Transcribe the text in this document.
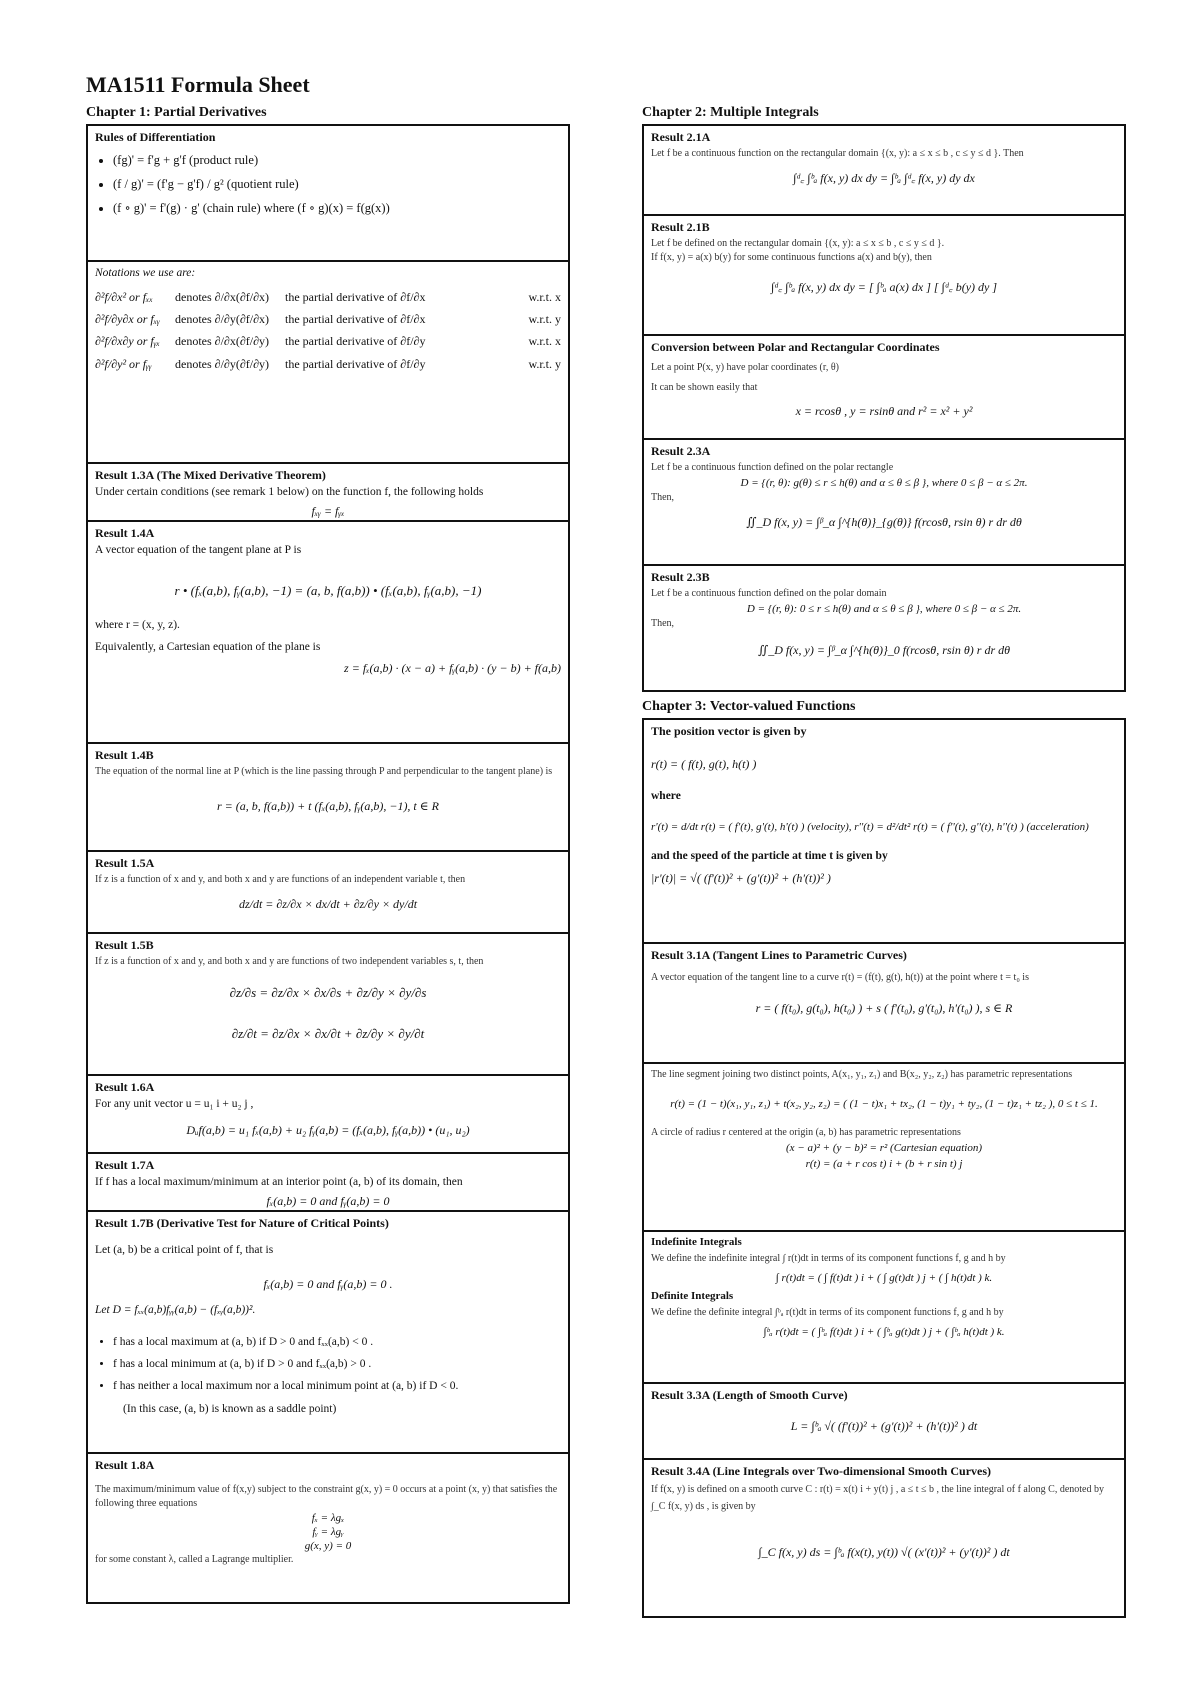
MA1511 Formula Sheet
Chapter 1: Partial Derivatives
Rules of Differentiation
• (fg)' = f'g + g'f (product rule)
• (f / g)' = (f'g − g'f) / g² (quotient rule)
• (f ∘ g)' = f'(g) · g' (chain rule) where (f ∘ g)(x) = f(g(x))
Notations we use are:
∂²f/∂x² or fₓₓ	denotes ∂/∂x(∂f/∂x)	the partial derivative of ∂f/∂x	w.r.t. x
∂²f/∂y∂x or fₓᵧ	denotes ∂/∂y(∂f/∂x)	the partial derivative of ∂f/∂x	w.r.t. y
∂²f/∂x∂y or fᵧₓ	denotes ∂/∂x(∂f/∂y)	the partial derivative of ∂f/∂y	w.r.t. x
∂²f/∂y² or fᵧᵧ	denotes ∂/∂y(∂f/∂y)	the partial derivative of ∂f/∂y	w.r.t. y
Result 1.3A (The Mixed Derivative Theorem)
Under certain conditions (see remark 1 below) on the function f, the following holds
fₓᵧ = fᵧₓ
Result 1.4A
A vector equation of the tangent plane at P is
r • (fₓ(a,b), fᵧ(a,b), −1) = (a, b, f(a,b)) • (fₓ(a,b), fᵧ(a,b), −1)
where r = (x, y, z).
Equivalently, a Cartesian equation of the plane is
z = fₓ(a,b) · (x − a) + fᵧ(a,b) · (y − b) + f(a,b)
Result 1.4B
The equation of the normal line at P (which is the line passing through P and perpendicular to the tangent plane) is
r = (a, b, f(a,b)) + t (fₓ(a,b), fᵧ(a,b), −1), t ∈ R
Result 1.5A
If z is a function of x and y, and both x and y are functions of an independent variable t, then
dz/dt = ∂z/∂x × dx/dt + ∂z/∂y × dy/dt
Result 1.5B
If z is a function of x and y, and both x and y are functions of two independent variables s, t, then
∂z/∂s = ∂z/∂x × ∂x/∂s + ∂z/∂y × ∂y/∂s
∂z/∂t = ∂z/∂x × ∂x/∂t + ∂z/∂y × ∂y/∂t
Result 1.6A
For any unit vector u = u₁ i + u₂ j ,
Dᵤf(a,b) = u₁ fₓ(a,b) + u₂ fᵧ(a,b) = (fₓ(a,b), fᵧ(a,b)) • (u₁, u₂)
Result 1.7A
If f has a local maximum/minimum at an interior point (a, b) of its domain, then
fₓ(a,b) = 0 and fᵧ(a,b) = 0
Result 1.7B (Derivative Test for Nature of Critical Points)
Let (a, b) be a critical point of f, that is
fₓ(a,b) = 0 and fᵧ(a,b) = 0 .
Let D = fₓₓ(a,b)fᵧᵧ(a,b) − (fₓᵧ(a,b))².
• f has a local maximum at (a, b) if D > 0 and fₓₓ(a,b) < 0 .
• f has a local minimum at (a, b) if D > 0 and fₓₓ(a,b) > 0 .
• f has neither a local maximum nor a local minimum point at (a, b) if D < 0.
(In this case, (a, b) is known as a saddle point)
Result 1.8A
The maximum/minimum value of f(x,y) subject to the constraint g(x, y) = 0 occurs at a point (x, y) that satisfies the following three equations
fₓ = λgₓ
fᵧ = λgᵧ
g(x, y) = 0
for some constant λ, called a Lagrange multiplier.
Chapter 2: Multiple Integrals
Result 2.1A
Let f be a continuous function on the rectangular domain {(x, y): a ≤ x ≤ b , c ≤ y ≤ d }. Then
∫ᵈ꜀ ∫ᵇₐ f(x, y) dx dy = ∫ᵇₐ ∫ᵈ꜀ f(x, y) dy dx
Result 2.1B
Let f be defined on the rectangular domain {(x, y): a ≤ x ≤ b , c ≤ y ≤ d }.
If f(x, y) = a(x) b(y) for some continuous functions a(x) and b(y), then
∫ᵈ꜀ ∫ᵇₐ f(x, y) dx dy = [ ∫ᵇₐ a(x) dx ] [ ∫ᵈ꜀ b(y) dy ]
Conversion between Polar and Rectangular Coordinates
Let a point P(x, y) have polar coordinates (r, θ)
It can be shown easily that
x = rcosθ , y = rsinθ and r² = x² + y²
Result 2.3A
Let f be a continuous function defined on the polar rectangle
D = {(r, θ): g(θ) ≤ r ≤ h(θ) and α ≤ θ ≤ β }, where 0 ≤ β − α ≤ 2π.
Then,
∬_D f(x, y) = ∫ᵝ_α ∫^{h(θ)}_{g(θ)} f(rcosθ, rsin θ) r dr dθ
Result 2.3B
Let f be a continuous function defined on the polar domain
D = {(r, θ): 0 ≤ r ≤ h(θ) and α ≤ θ ≤ β }, where 0 ≤ β − α ≤ 2π.
Then,
∬_D f(x, y) = ∫ᵝ_α ∫^{h(θ)}_0 f(rcosθ, rsin θ) r dr dθ
Chapter 3: Vector-valued Functions
The position vector is given by
r(t) = ( f(t), g(t), h(t) )
where
r'(t) = d/dt r(t) = ( f'(t), g'(t), h'(t) ) (velocity), r''(t) = d²/dt² r(t) = ( f''(t), g''(t), h''(t) ) (acceleration)
and the speed of the particle at time t is given by
|r'(t)| = √( (f'(t))² + (g'(t))² + (h'(t))² )
Result 3.1A (Tangent Lines to Parametric Curves)
A vector equation of the tangent line to a curve r(t) = (f(t), g(t), h(t)) at the point where t = t₀ is
r = ( f(t₀), g(t₀), h(t₀) ) + s ( f'(t₀), g'(t₀), h'(t₀) ), s ∈ R
The line segment joining two distinct points, A(x₁, y₁, z₁) and B(x₂, y₂, z₂) has parametric representations
r(t) = (1 − t)(x₁, y₁, z₁) + t(x₂, y₂, z₂) = ( (1 − t)x₁ + tx₂, (1 − t)y₁ + ty₂, (1 − t)z₁ + tz₂ ), 0 ≤ t ≤ 1.
A circle of radius r centered at the origin (a, b) has parametric representations
(x − a)² + (y − b)² = r² (Cartesian equation)
r(t) = (a + r cos t) i + (b + r sin t) j
Indefinite Integrals
We define the indefinite integral ∫ r(t)dt in terms of its component functions f, g and h by
∫ r(t)dt = ( ∫ f(t)dt ) i + ( ∫ g(t)dt ) j + ( ∫ h(t)dt ) k.
Definite Integrals
We define the definite integral ∫ᵇₐ r(t)dt in terms of its component functions f, g and h by
∫ᵇₐ r(t)dt = ( ∫ᵇₐ f(t)dt ) i + ( ∫ᵇₐ g(t)dt ) j + ( ∫ᵇₐ h(t)dt ) k.
Result 3.3A (Length of Smooth Curve)
L = ∫ᵇₐ √( (f'(t))² + (g'(t))² + (h'(t))² ) dt
Result 3.4A (Line Integrals over Two-dimensional Smooth Curves)
If f(x, y) is defined on a smooth curve C : r(t) = x(t) i + y(t) j , a ≤ t ≤ b , the line integral of f along C, denoted by ∫_C f(x, y) ds , is given by
∫_C f(x, y) ds = ∫ᵇₐ f(x(t), y(t)) √( (x'(t))² + (y'(t))² ) dt
